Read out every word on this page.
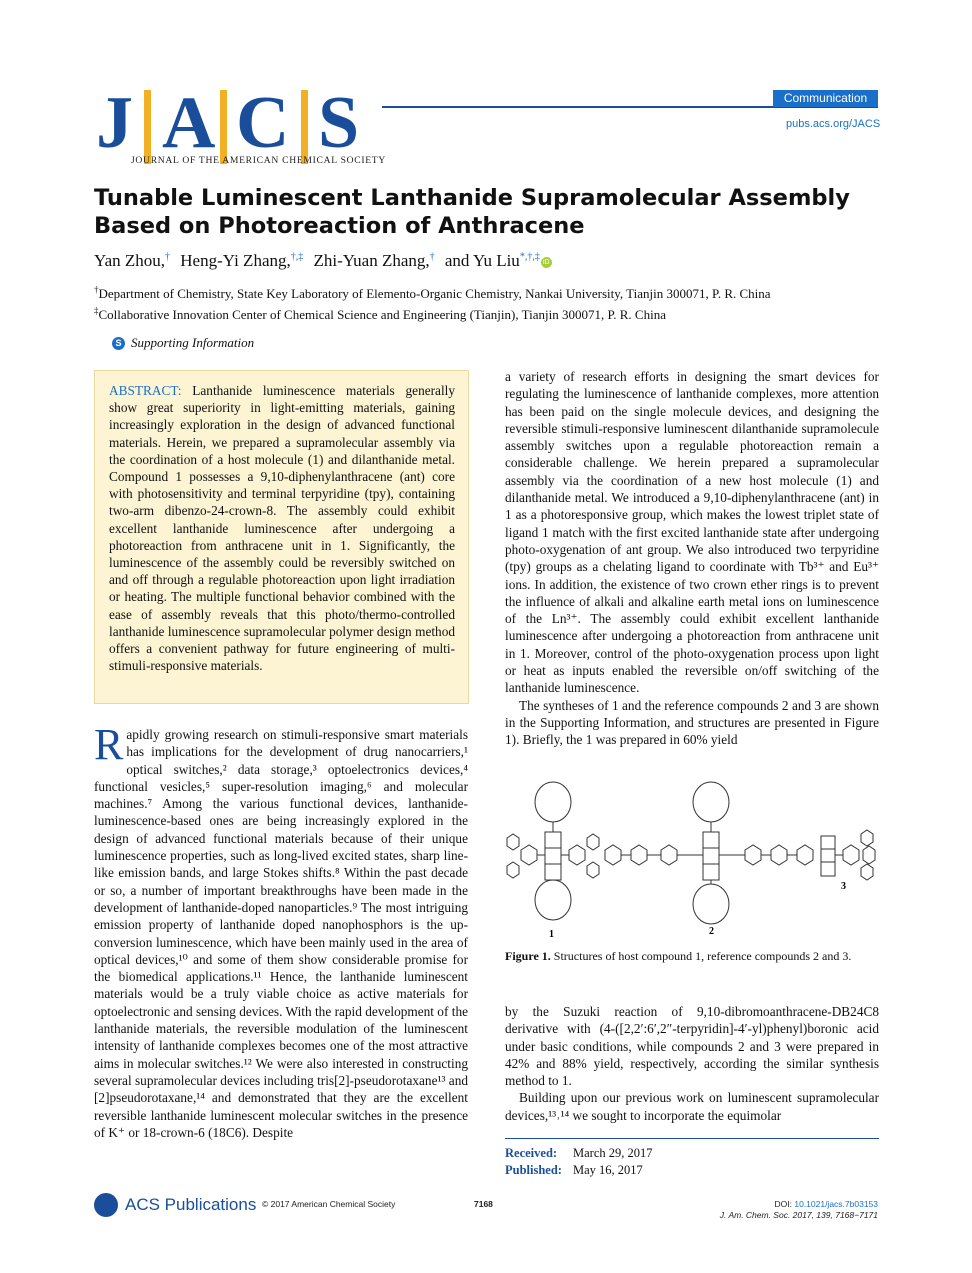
J A C S
JOURNAL OF THE AMERICAN CHEMICAL SOCIETY
Communication
pubs.acs.org/JACS
Tunable Luminescent Lanthanide Supramolecular Assembly Based on Photoreaction of Anthracene
Yan Zhou,† Heng-Yi Zhang,†,‡ Zhi-Yuan Zhang,† and Yu Liu*,†,‡iD
†Department of Chemistry, State Key Laboratory of Elemento-Organic Chemistry, Nankai University, Tianjin 300071, P. R. China
‡Collaborative Innovation Center of Chemical Science and Engineering (Tianjin), Tianjin 300071, P. R. China
S Supporting Information
ABSTRACT: Lanthanide luminescence materials generally show great superiority in light-emitting materials, gaining increasingly exploration in the design of advanced functional materials. Herein, we prepared a supramolecular assembly via the coordination of a host molecule (1) and dilanthanide metal. Compound 1 possesses a 9,10-diphenylanthracene (ant) core with photosensitivity and terminal terpyridine (tpy), containing two-arm dibenzo-24-crown-8. The assembly could exhibit excellent lanthanide luminescence after undergoing a photoreaction from anthracene unit in 1. Significantly, the luminescence of the assembly could be reversibly switched on and off through a regulable photoreaction upon light irradiation or heating. The multiple functional behavior combined with the ease of assembly reveals that this photo/thermo-controlled lanthanide luminescence supramolecular polymer design method offers a convenient pathway for future engineering of multi-stimuli-responsive materials.
R apidly growing research on stimuli-responsive smart materials has implications for the development of drug nanocarriers,¹ optical switches,² data storage,³ optoelectronics devices,⁴ functional vesicles,⁵ super-resolution imaging,⁶ and molecular machines.⁷ Among the various functional devices, lanthanide-luminescence-based ones are being increasingly explored in the design of advanced functional materials because of their unique luminescence properties, such as long-lived excited states, sharp line-like emission bands, and large Stokes shifts.⁸ Within the past decade or so, a number of important breakthroughs have been made in the development of lanthanide-doped nanoparticles.⁹ The most intriguing emission property of lanthanide doped nanophosphors is the up-conversion luminescence, which have been mainly used in the area of optical devices,¹⁰ and some of them show considerable promise for the biomedical applications.¹¹ Hence, the lanthanide luminescent materials would be a truly viable choice as active materials for optoelectronic and sensing devices. With the rapid development of the lanthanide materials, the reversible modulation of the luminescent intensity of lanthanide complexes becomes one of the most attractive aims in molecular switches.¹² We were also interested in constructing several supramolecular devices including tris[2]-pseudorotaxane¹³ and [2]pseudorotaxane,¹⁴ and demonstrated that they are the excellent reversible lanthanide luminescent molecular switches in the presence of K⁺ or 18-crown-6 (18C6). Despite

a variety of research efforts in designing the smart devices for regulating the luminescence of lanthanide complexes, more attention has been paid on the single molecule devices, and designing the reversible stimuli-responsive luminescent dilanthanide supramolecule assembly switches upon a regulable photoreaction remain a considerable challenge. We herein prepared a supramolecular assembly via the coordination of a new host molecule (1) and dilanthanide metal. We introduced a 9,10-diphenylanthracene (ant) in 1 as a photoresponsive group, which makes the lowest triplet state of ligand 1 match with the first excited lanthanide state after undergoing photo-oxygenation of ant group. We also introduced two terpyridine (tpy) groups as a chelating ligand to coordinate with Tb³⁺ and Eu³⁺ ions. In addition, the existence of two crown ether rings is to prevent the influence of alkali and alkaline earth metal ions on luminescence of the Ln³⁺. The assembly could exhibit excellent lanthanide luminescence after undergoing a photoreaction from anthracene unit in 1. Moreover, control of the photo-oxygenation process upon light or heat as inputs enabled the reversible on/off switching of the lanthanide luminescence.

The syntheses of 1 and the reference compounds 2 and 3 are shown in the Supporting Information, and structures are presented in Figure 1). Briefly, the 1 was prepared in 60% yield

1	2
3
Figure 1. Structures of host compound 1, reference compounds 2 and 3.

by the Suzuki reaction of 9,10-dibromoanthracene-DB24C8 derivative with (4-([2,2′:6′,2″-terpyridin]-4′-yl)phenyl)boronic acid under basic conditions, while compounds 2 and 3 were prepared in 42% and 88% yield, respectively, according the similar synthesis method to 1.

Building upon our previous work on luminescent supramolecular devices,¹³˒¹⁴ we sought to incorporate the equimolar

Received: March 29, 2017
Published: May 16, 2017
ACS Publications © 2017 American Chemical Society	7168	DOI: 10.1021/jacs.7b03153
J. Am. Chem. Soc. 2017, 139, 7168−7171
